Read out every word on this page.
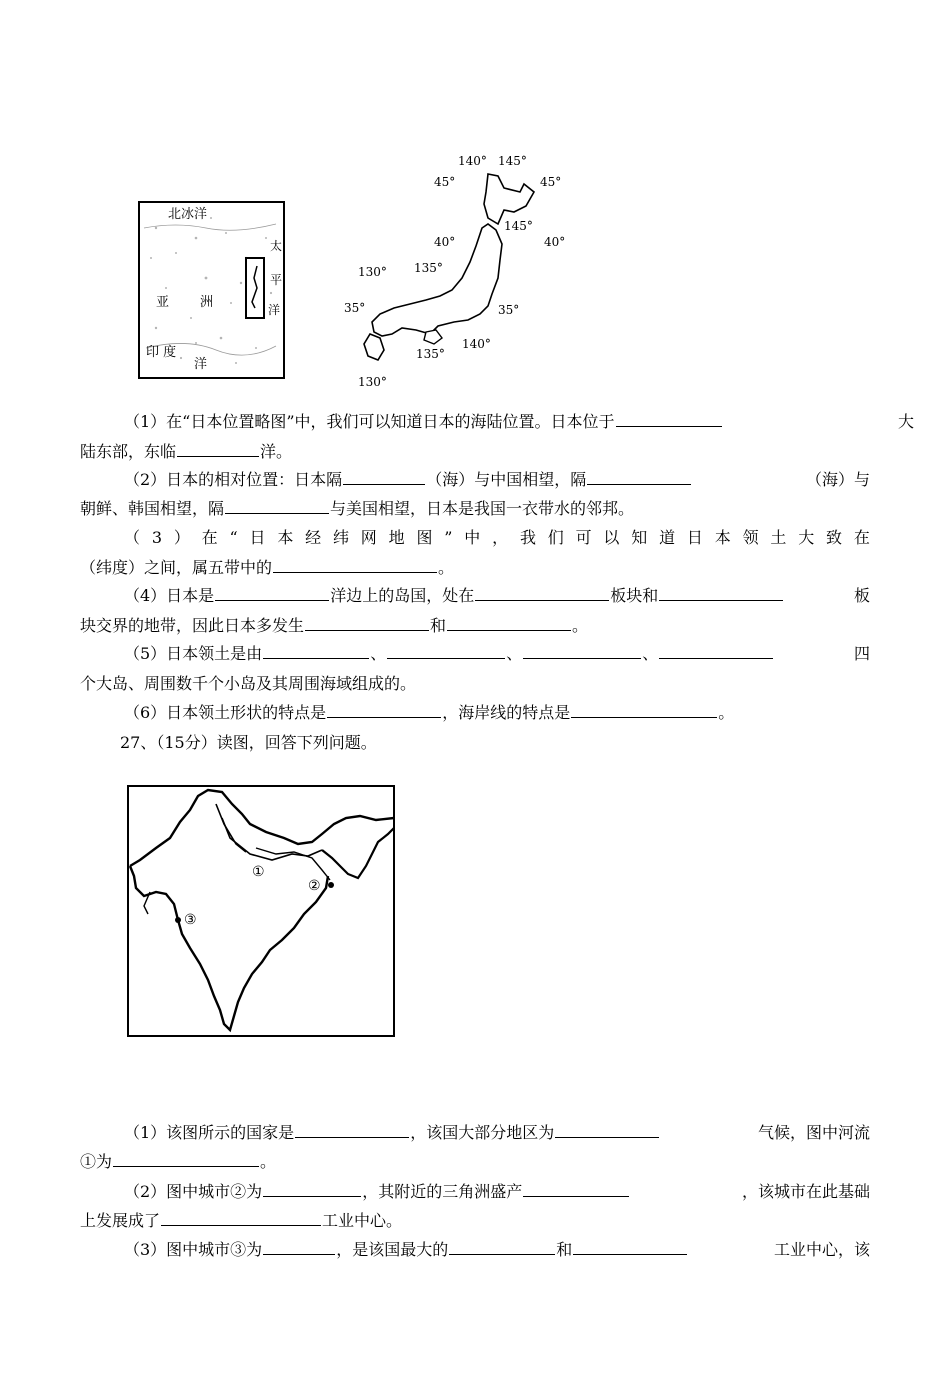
北冰洋
太
平
洋
亚 洲
印 度
洋
140° 145°
45°	45°
40°
145°
40°
130° 135°
35°	35°
140°
135°
130°
（1）在“日本位置略图”中，我们可以知道日本的海陆位置。日本位于	大
陆东部，东临	洋。
（2）日本的相对位置：日本隔	（海）与中国相望，隔	（海）与
朝鲜、韩国相望，隔	与美国相望，日本是我国一衣带水的邻邦。
（ 3 ） 在 “ 日 本 经 纬 网 地 图 ” 中 ， 我 们 可 以 知 道 日 本 领 土 大 致 在
（纬度）之间，属五带中的	。
（4）日本是	洋边上的岛国，处在	板块和	板
块交界的地带，因此日本多发生	和	。
（5）日本领土是由	、	、	、	四
个大岛、周围数千个小岛及其周围海域组成的。
（6）日本领土形状的特点是	，海岸线的特点是	。
27、（15分）读图，回答下列问题。
①
②
③
（1）该图所示的国家是	，该国大部分地区为	气候，图中河流
①为	。
（2）图中城市②为	，其附近的三角洲盛产	，该城市在此基础
上发展成了	工业中心。
（3）图中城市③为	，是该国最大的	和	工业中心，该
